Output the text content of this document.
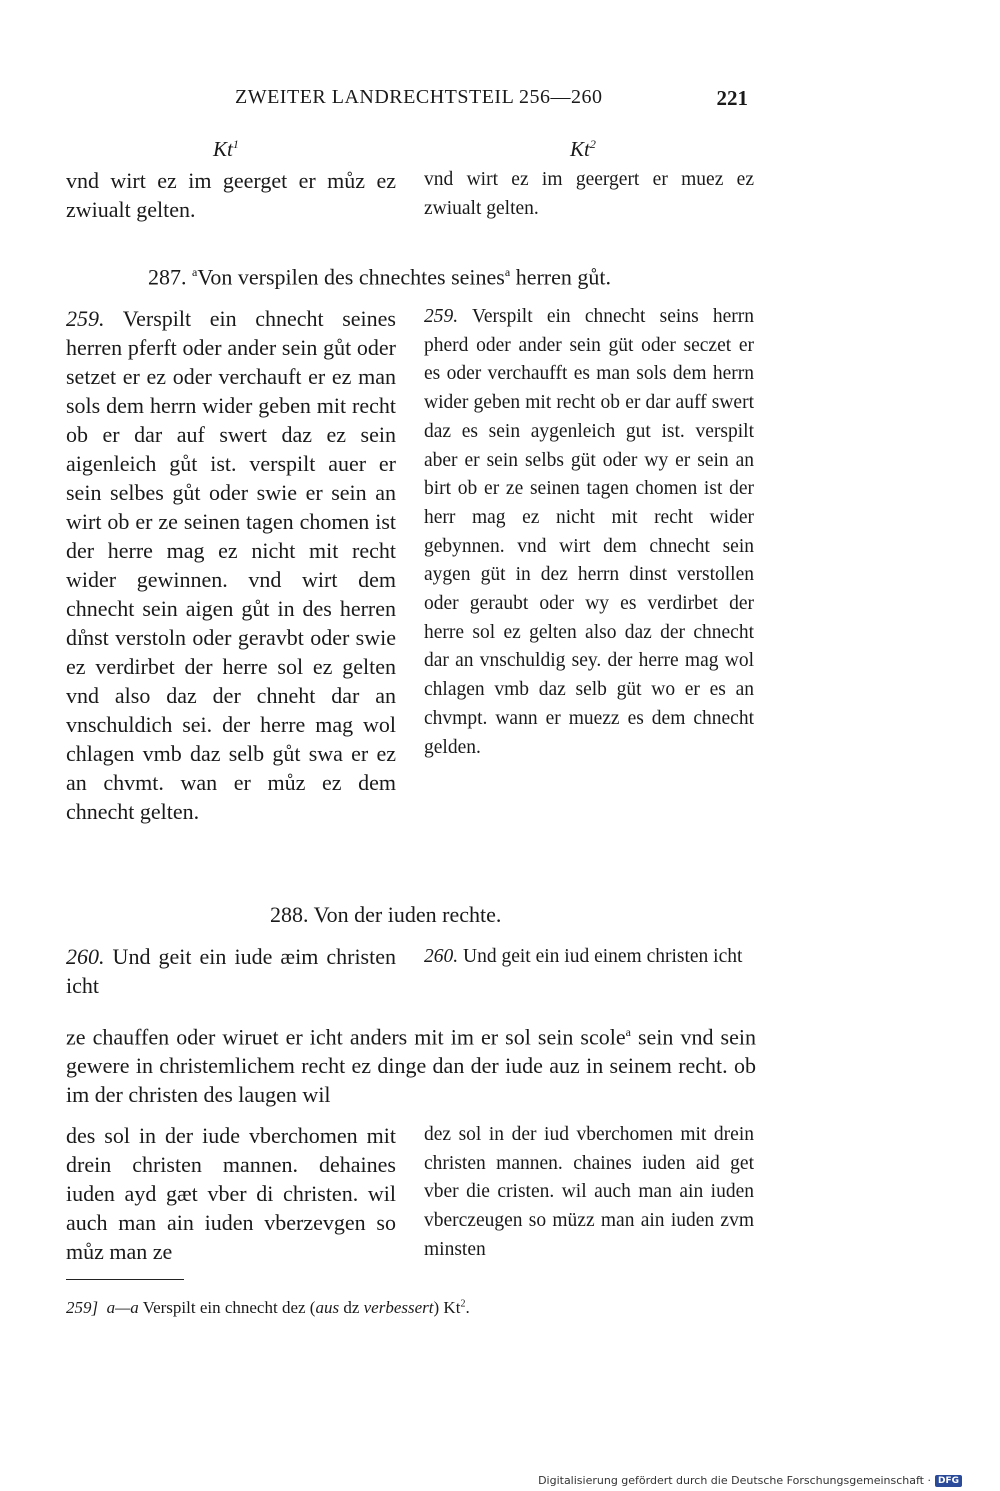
ZWEITER LANDRECHTSTEIL 256—260	221
Kt$^1$	Kt$^2$
vnd wirt ez im geerget er můz ez zwiualt gelten.
vnd wirt ez im geergert er muez ez zwiualt gelten.
287. $^a$Von verspilen des chnechtes seines$^a$ herren gůt.
259. Verspilt ein chnecht seines herren pferft oder ander sein gůt oder setzet er ez oder verchauft er ez man sols dem herrn wider geben mit recht ob er dar auf swert daz ez sein aigenleich gůt ist. verspilt auer er sein selbes gůt oder swie er sein an wirt ob er ze seinen tagen chomen ist der herre mag ez nicht mit recht wider gewinnen. vnd wirt dem chnecht sein aigen gůt in des herren dı̊nst verstoln oder geravbt oder swie ez verdirbet der herre sol ez gelten vnd also daz der chneht dar an vnschuldich sei. der herre mag wol chlagen vmb daz selb gůt swa er ez an chvmt. wan er můz ez dem chnecht gelten.
259. Verspilt ein chnecht seins herrn pherd oder ander sein güt oder seczet er es oder verchaufft es man sols dem herrn wider geben mit recht ob er dar auff swert daz es sein aygenleich gut ist. verspilt aber er sein selbs güt oder wy er sein an birt ob er ze seinen tagen chomen ist der herr mag ez nicht mit recht wider gebynnen. vnd wirt dem chnecht sein aygen güt in dez herrn dinst verstollen oder geraubt oder wy es verdirbet der herre sol ez gelten also daz der chnecht dar an vnschuldig sey. der herre mag wol chlagen vmb daz selb güt wo er es an chvmpt. wann er muezz es dem chnecht gelden.
288. Von der iuden rechte.
260. Und geit ein iude æim christen icht
260. Und geit ein iud einem christen icht
ze chauffen oder wiruet er icht anders mit im er sol sein scole$^a$ sein vnd sein gewere in christemlichem recht ez dinge dan der iude auz in seinem recht. ob im der christen des laugen wil
des sol in der iude vberchomen mit drein christen mannen. dehaines iuden ayd gæt vber di christen. wil auch man ain iuden vberzevgen so můz man ze
dez sol in der iud vberchomen mit drein christen mannen. chaines iuden aid get vber die cristen. wil auch man ain iuden vberczeugen so müzz man ain iuden zvm minsten
259] a—a Verspilt ein chnecht dez (aus dz verbessert) Kt$^2$.
Digitalisierung gefördert durch die Deutsche Forschungsgemeinschaft · DFG
